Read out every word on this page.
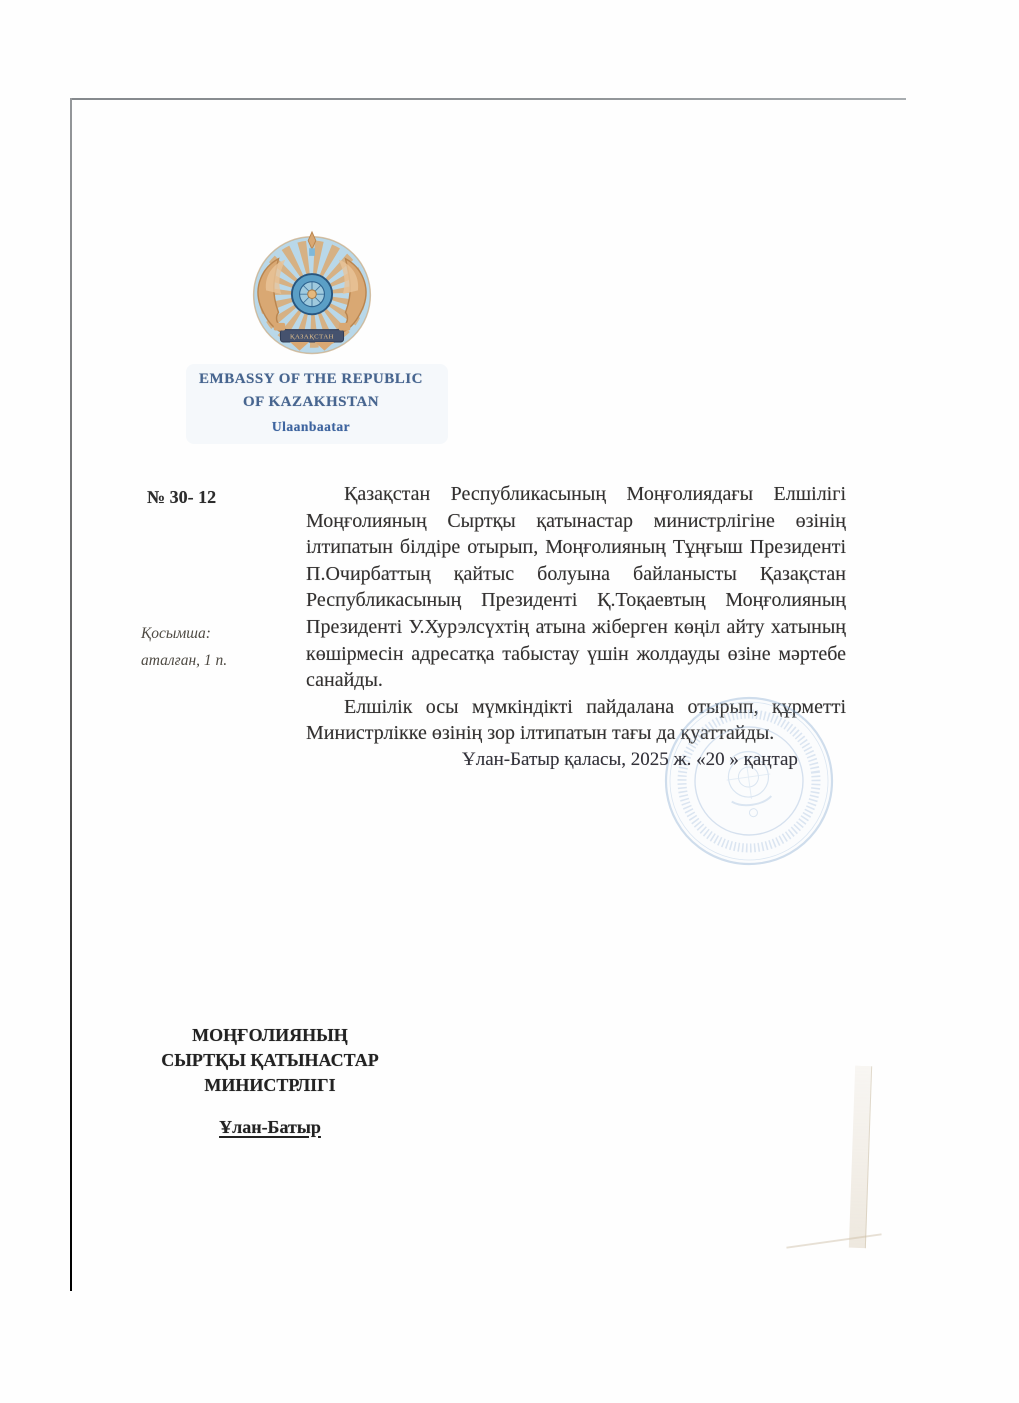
ҚАЗАҚСТАН
EMBASSY OF THE REPUBLIC
OF KAZAKHSTAN
Ulaanbaatar
№ 30- 12
Қосымша:
аталған, 1 п.

Қазақстан Республикасының Моңғолиядағы Елшілігі Моңғолияның Сыртқы қатынастар министрлігіне өзінің ілтипатын білдіре отырып, Моңғолияның Тұңғыш Президенті П.Очирбаттың қайтыс болуына байланысты Қазақстан Республикасының Президенті Қ.Тоқаевтың Моңғолияның Президенті У.Хурэлсүхтің атына жіберген көңіл айту хатының көшірмесін адресатқа табыстау үшін жолдауды өзіне мәртебе санайды.

Елшілік осы мүмкіндікті пайдалана отырып, құрметті Министрлікке өзінің зор ілтипатын тағы да қуаттайды.

Ұлан-Батыр қаласы, 2025 ж. «20 » қаңтар
МОҢҒОЛИЯНЫҢ
СЫРТҚЫ ҚАТЫНАСТАР
МИНИСТРЛІГІ
Ұлан-Батыр
